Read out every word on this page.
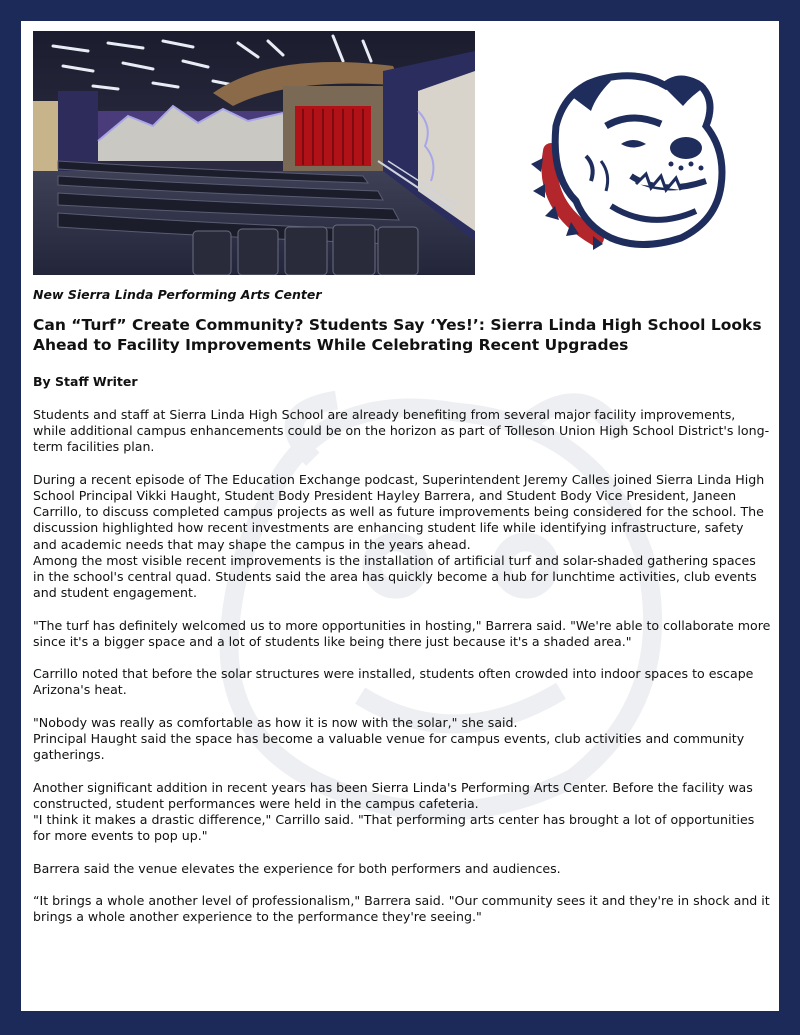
New Sierra Linda Performing Arts Center
Can “Turf” Create Community? Students Say ‘Yes!’: Sierra Linda High School Looks Ahead to Facility Improvements While Celebrating Recent Upgrades
By Staff Writer

Students and staff at Sierra Linda High School are already benefiting from several major facility improvements, while additional campus enhancements could be on the horizon as part of Tolleson Union High School District's long-term facilities plan.

During a recent episode of The Education Exchange podcast, Superintendent Jeremy Calles joined Sierra Linda High School Principal Vikki Haught, Student Body President Hayley Barrera, and Student Body Vice President, Janeen Carrillo, to discuss completed campus projects as well as future improvements being considered for the school. The discussion highlighted how recent investments are enhancing student life while identifying infrastructure, safety and academic needs that may shape the campus in the years ahead.

Among the most visible recent improvements is the installation of artificial turf and solar-shaded gathering spaces in the school's central quad. Students said the area has quickly become a hub for lunchtime activities, club events and student engagement.

"The turf has definitely welcomed us to more opportunities in hosting," Barrera said. "We're able to collaborate more since it's a bigger space and a lot of students like being there just because it's a shaded area."

Carrillo noted that before the solar structures were installed, students often crowded into indoor spaces to escape Arizona's heat.

"Nobody was really as comfortable as how it is now with the solar," she said.

Principal Haught said the space has become a valuable venue for campus events, club activities and community gatherings.

Another significant addition in recent years has been Sierra Linda's Performing Arts Center. Before the facility was constructed, student performances were held in the campus cafeteria.

"I think it makes a drastic difference," Carrillo said. "That performing arts center has brought a lot of opportunities for more events to pop up."

Barrera said the venue elevates the experience for both performers and audiences.

“It brings a whole another level of professionalism," Barrera said. "Our community sees it and they're in shock and it brings a whole another experience to the performance they're seeing."
